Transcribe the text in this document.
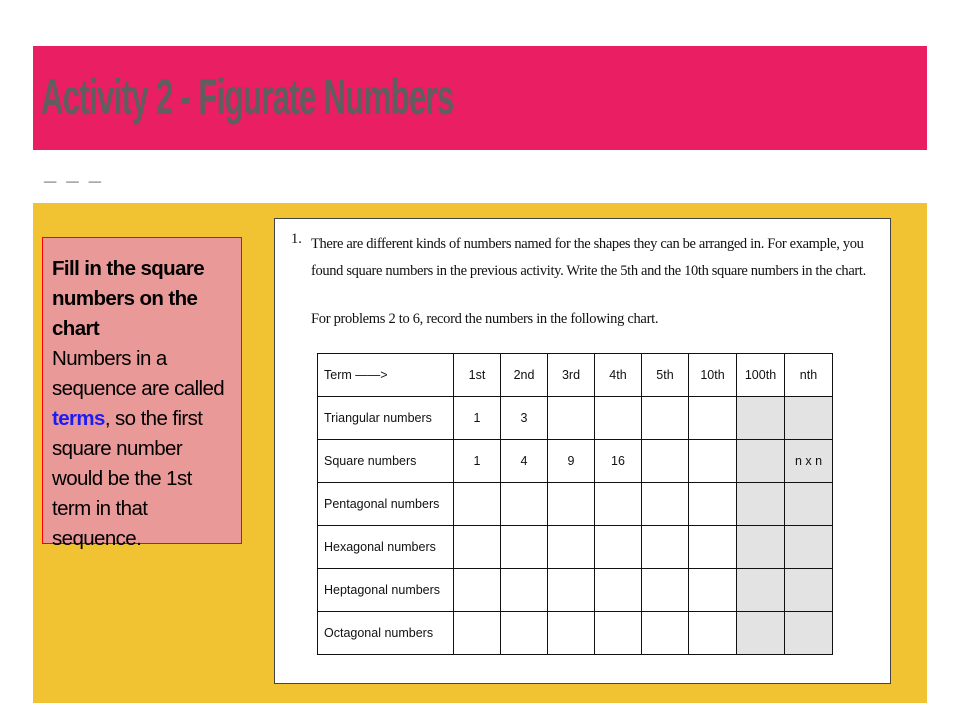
Activity 2 - Figurate Numbers
_ _ _
Fill in the square numbers on the chart
Numbers in a sequence are called terms, so the first square number would be the 1st term in that sequence.
1. There are different kinds of numbers named for the shapes they can be arranged in. For example, you found square numbers in the previous activity. Write the 5th and the 10th square numbers in the chart.
For problems 2 to 6, record the numbers in the following chart.
Term ——>	1st	2nd	3rd	4th	5th	10th	100th	nth
Triangular numbers	1	3						
Square numbers	1	4	9	16				n x n
Pentagonal numbers								
Hexagonal numbers								
Heptagonal numbers								
Octagonal numbers								
